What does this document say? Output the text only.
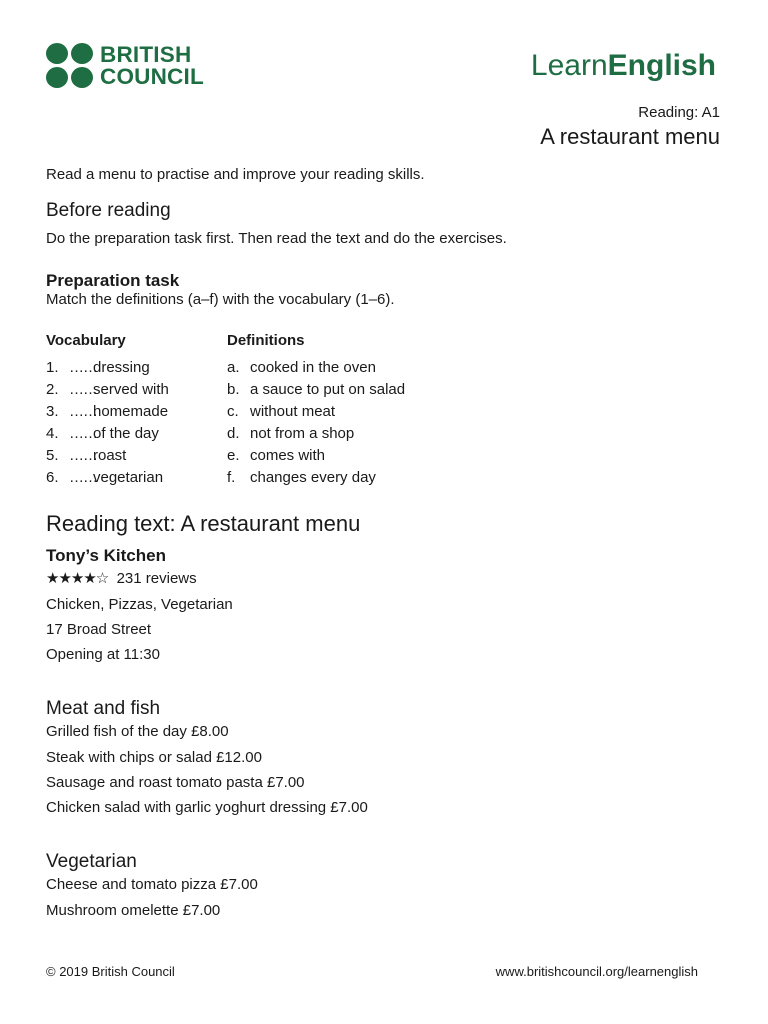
BRITISH
COUNCIL	LearnEnglish
Reading: A1
A restaurant menu
Read a menu to practise and improve your reading skills.
Before reading
Do the preparation task first. Then read the text and do the exercises.
Preparation task
Match the definitions (a–f) with the vocabulary (1–6).
Vocabulary
1. ……dressing
2. ……served with
3. ……homemade
4. ……of the day
5. ……roast
6. ……vegetarian
Definitions
a. cooked in the oven
b. a sauce to put on salad
c. without meat
d. not from a shop
e. comes with
f. changes every day
Reading text: A restaurant menu
Tony’s Kitchen
★★★★☆ 231 reviews
Chicken, Pizzas, Vegetarian
17 Broad Street
Opening at 11:30
Meat and fish
Grilled fish of the day £8.00
Steak with chips or salad £12.00
Sausage and roast tomato pasta £7.00
Chicken salad with garlic yoghurt dressing £7.00
Vegetarian
Cheese and tomato pizza £7.00
Mushroom omelette £7.00
© 2019 British Council	www.britishcouncil.org/learnenglish
